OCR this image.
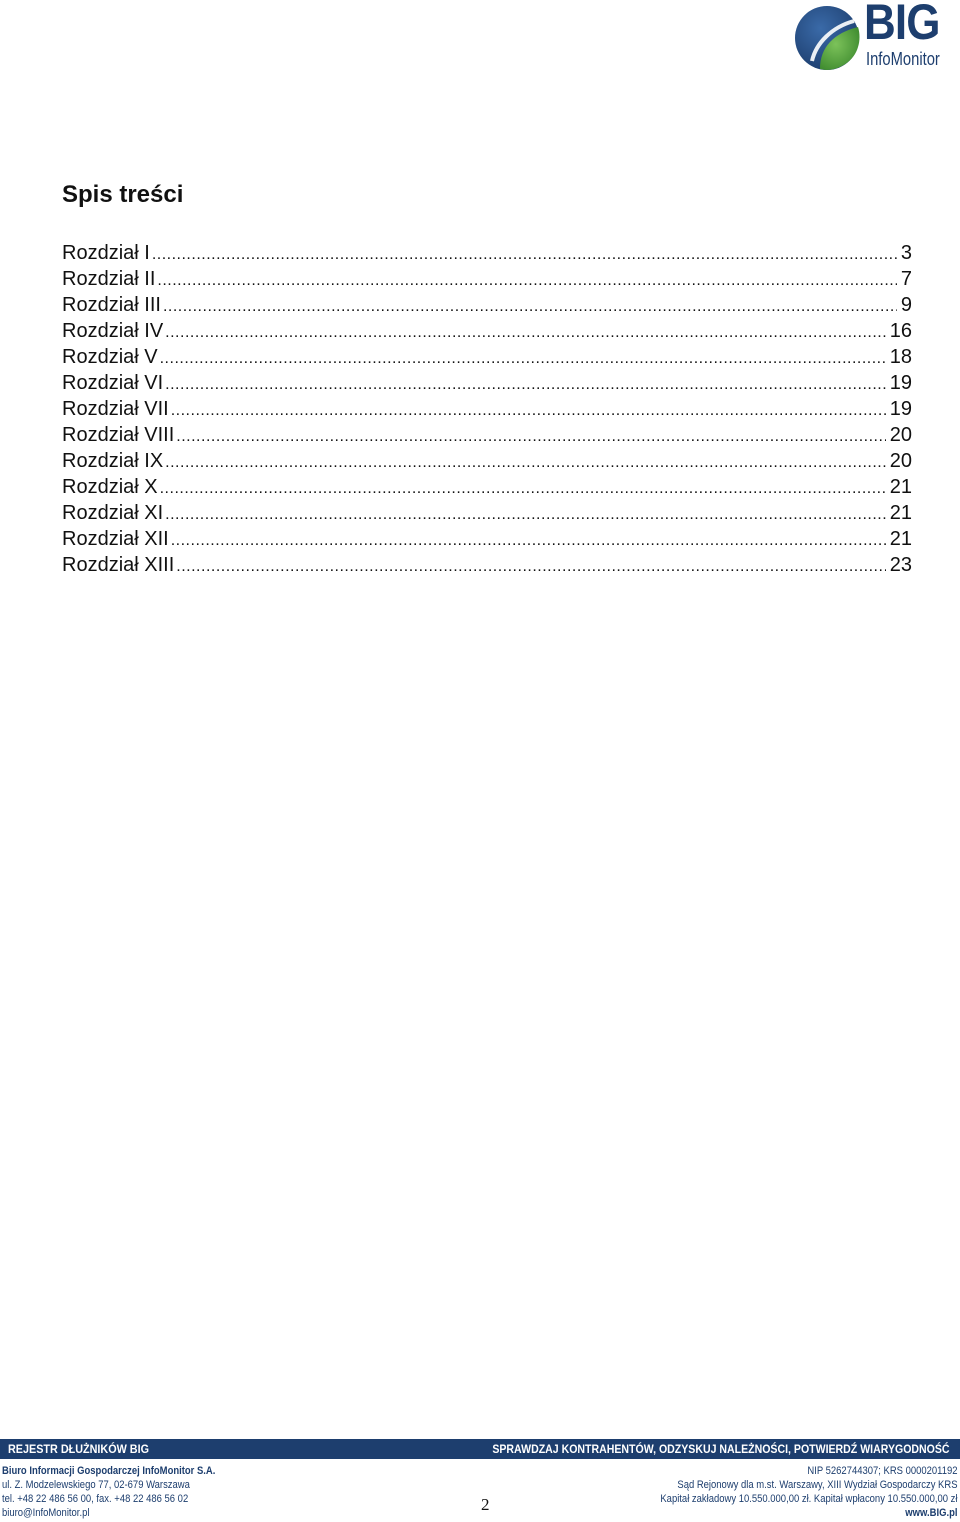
BIG
InfoMonitor
Spis treści
Rozdział I .....	3
Rozdział II .....	7
Rozdział III .....	9
Rozdział IV .....	16
Rozdział V .....	18
Rozdział VI .....	19
Rozdział VII .....	19
Rozdział VIII .....	20
Rozdział IX .....	20
Rozdział X .....	21
Rozdział XI .....	21
Rozdział XII .....	21
Rozdział XIII .....	23
REJESTR DŁUŻNIKÓW BIG	SPRAWDZAJ KONTRAHENTÓW, ODZYSKUJ NALEŻNOŚCI, POTWIERDŹ WIARYGODNOŚĆ
Biuro Informacji Gospodarczej InfoMonitor S.A.
ul. Z. Modzelewskiego 77, 02-679 Warszawa
tel. +48 22 486 56 00, fax. +48 22 486 56 02
biuro@InfoMonitor.pl	2
NIP 5262744307; KRS 0000201192
Sąd Rejonowy dla m.st. Warszawy, XIII Wydział Gospodarczy KRS
Kapitał zakładowy 10.550.000,00 zł. Kapitał wpłacony 10.550.000,00 zł
www.BIG.pl
